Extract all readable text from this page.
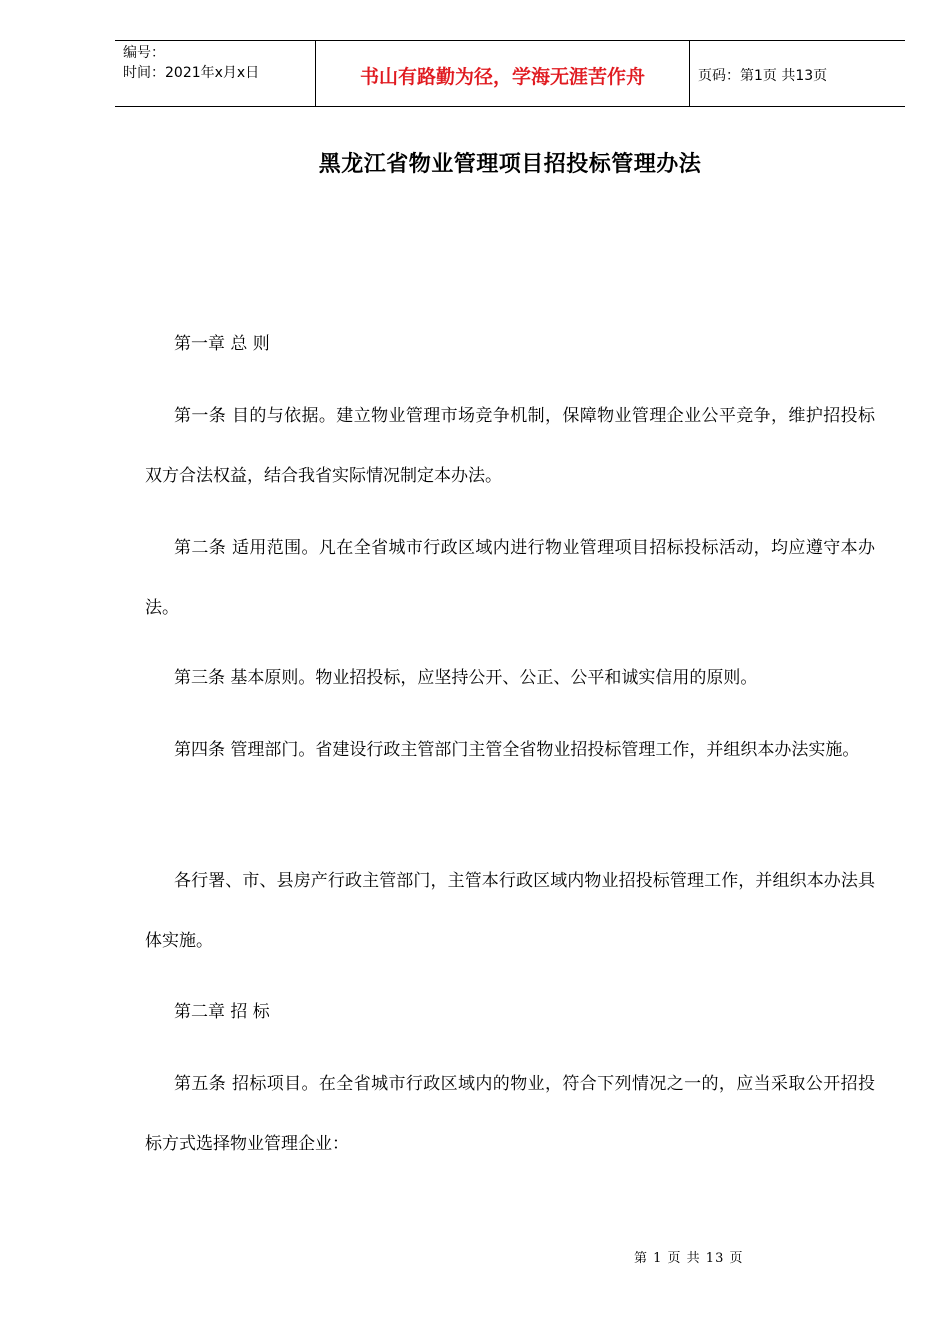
编号：
时间：2021年x月x日	书山有路勤为径，学海无涯苦作舟	页码：第1页 共13页
黑龙江省物业管理项目招投标管理办法

第一章 总 则

第一条 目的与依据。建立物业管理市场竞争机制，保障物业管理企业公平竞争，维护招投标双方合法权益，结合我省实际情况制定本办法。

第二条 适用范围。凡在全省城市行政区域内进行物业管理项目招标投标活动，均应遵守本办法。

第三条 基本原则。物业招投标，应坚持公开、公正、公平和诚实信用的原则。

第四条 管理部门。省建设行政主管部门主管全省物业招投标管理工作，并组织本办法实施。

各行署、市、县房产行政主管部门，主管本行政区域内物业招投标管理工作，并组织本办法具体实施。

第二章 招 标

第五条 招标项目。在全省城市行政区域内的物业，符合下列情况之一的，应当采取公开招投标方式选择物业管理企业：

第 1 页 共 13 页
